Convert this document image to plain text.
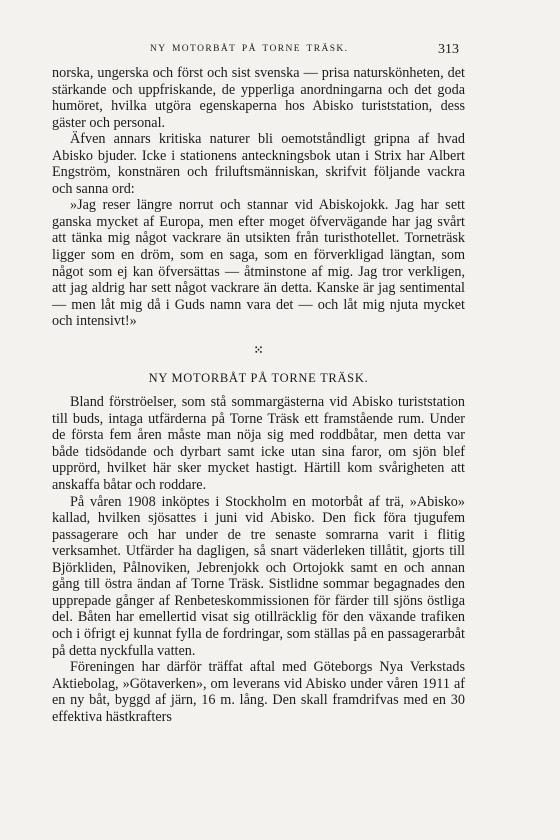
NY MOTORBÅT PÅ TORNE TRÄSK.	313

norska, ungerska och först och sist svenska — prisa naturskönheten, det stärkande och uppfriskande, de ypperliga anordningarna och det goda humöret, hvilka utgöra egenskaperna hos Abisko turiststation, dess gäster och personal.

Äfven annars kritiska naturer bli oemotståndligt gripna af hvad Abisko bjuder. Icke i stationens anteckningsbok utan i Strix har Albert Engström, konstnären och friluftsmänniskan, skrifvit följande vackra och sanna ord:

»Jag reser längre norrut och stannar vid Abiskojokk. Jag har sett ganska mycket af Europa, men efter moget öfvervägande har jag svårt att tänka mig något vackrare än utsikten från turisthotellet. Torneträsk ligger som en dröm, som en saga, som en förverkligad längtan, som något som ej kan öfversättas — åtminstone af mig. Jag tror verkligen, att jag aldrig har sett något vackrare än detta. Kanske är jag sentimental — men låt mig då i Guds namn vara det — och låt mig njuta mycket och intensivt!»

⁙
NY MOTORBÅT PÅ TORNE TRÄSK.

Bland förströelser, som stå sommargästerna vid Abisko turiststation till buds, intaga utfärderna på Torne Träsk ett framstående rum. Under de första fem åren måste man nöja sig med roddbåtar, men detta var både tidsödande och dyrbart samt icke utan sina faror, om sjön blef upprörd, hvilket här sker mycket hastigt. Härtill kom svårigheten att anskaffa båtar och roddare.

På våren 1908 inköptes i Stockholm en motorbåt af trä, »Abisko» kallad, hvilken sjösattes i juni vid Abisko. Den fick föra tjugufem passagerare och har under de tre senaste somrarna varit i flitig verksamhet. Utfärder ha dagligen, så snart väderleken tillåtit, gjorts till Björkliden, Pålnoviken, Jebrenjokk och Ortojokk samt en och annan gång till östra ändan af Torne Träsk. Sistlidne sommar begagnades den upprepade gånger af Renbeteskommissionen för färder till sjöns östliga del. Båten har emellertid visat sig otillräcklig för den växande trafiken och i öfrigt ej kunnat fylla de fordringar, som ställas på en passagerarbåt på detta nyckfulla vatten.

Föreningen har därför träffat aftal med Göteborgs Nya Verkstads Aktiebolag, »Götaverken», om leverans vid Abisko under våren 1911 af en ny båt, byggd af järn, 16 m. lång. Den skall framdrifvas med en 30 effektiva hästkrafters
